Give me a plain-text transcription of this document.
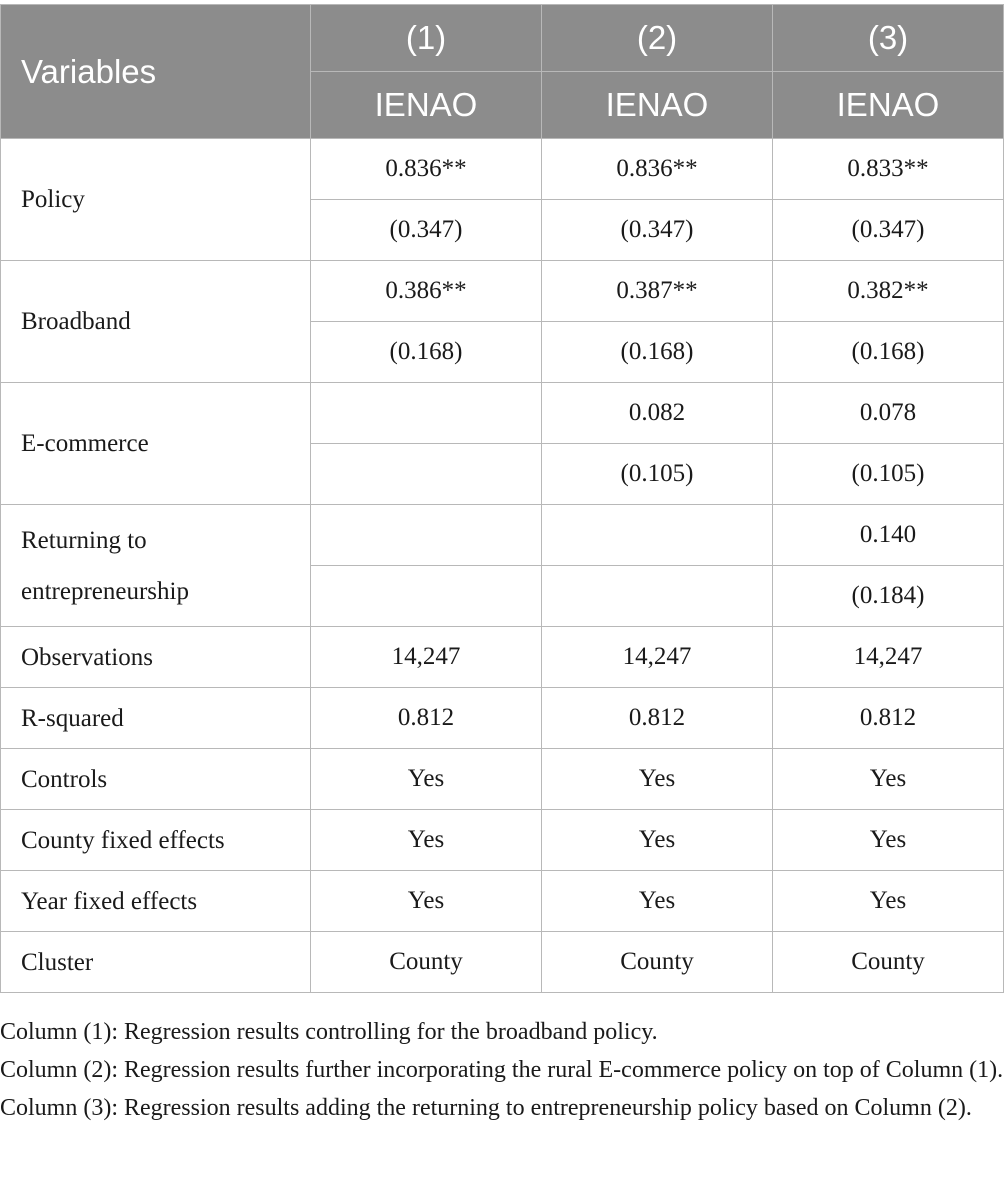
Variables	(1)	(2)	(3)
	IENAO	IENAO	IENAO
Policy	0.836**	0.836**	0.833**
	(0.347)	(0.347)	(0.347)
Broadband	0.386**	0.387**	0.382**
	(0.168)	(0.168)	(0.168)
E-commerce		0.082	0.078
		(0.105)	(0.105)
Returning to entrepreneurship			0.140
			(0.184)
Observations	14,247	14,247	14,247
R-squared	0.812	0.812	0.812
Controls	Yes	Yes	Yes
County fixed effects	Yes	Yes	Yes
Year fixed effects	Yes	Yes	Yes
Cluster	County	County	County

Column (1): Regression results controlling for the broadband policy.

Column (2): Regression results further incorporating the rural E-commerce policy on top of Column (1).

Column (3): Regression results adding the returning to entrepreneurship policy based on Column (2).
